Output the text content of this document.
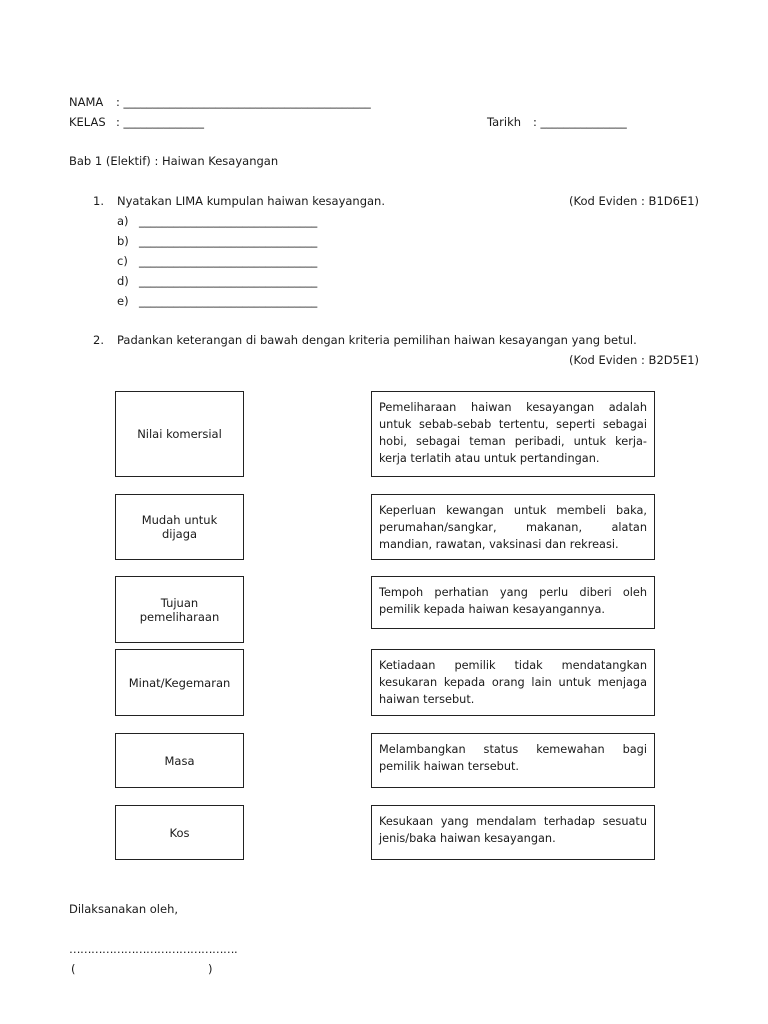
NAMA : ___________________________________________
KELAS : ______________	Tarikh : _______________
Bab 1 (Elektif) : Haiwan Kesayangan
1. Nyatakan LIMA kumpulan haiwan kesayangan.	(Kod Eviden : B1D6E1)
a) _______________________________
b) _______________________________
c) _______________________________
d) _______________________________
e) _______________________________
2. Padankan keterangan di bawah dengan kriteria pemilihan haiwan kesayangan yang betul.
(Kod Eviden : B2D5E1)
Nilai komersial
Mudah untuk dijaga
Tujuan pemeliharaan
Minat/Kegemaran
Masa
Kos
Pemeliharaan haiwan kesayangan adalah untuk sebab-sebab tertentu, seperti sebagai hobi, sebagai teman peribadi, untuk kerja-kerja terlatih atau untuk pertandingan.
Keperluan kewangan untuk membeli baka, perumahan/sangkar, makanan, alatan mandian, rawatan, vaksinasi dan rekreasi.
Tempoh perhatian yang perlu diberi oleh pemilik kepada haiwan kesayangannya.
Ketiadaan pemilik tidak mendatangkan kesukaran kepada orang lain untuk menjaga haiwan tersebut.
Melambangkan status kemewahan bagi pemilik haiwan tersebut.
Kesukaan yang mendalam terhadap sesuatu jenis/baka haiwan kesayangan.
Dilaksanakan oleh,
……………………………………….
(	)
